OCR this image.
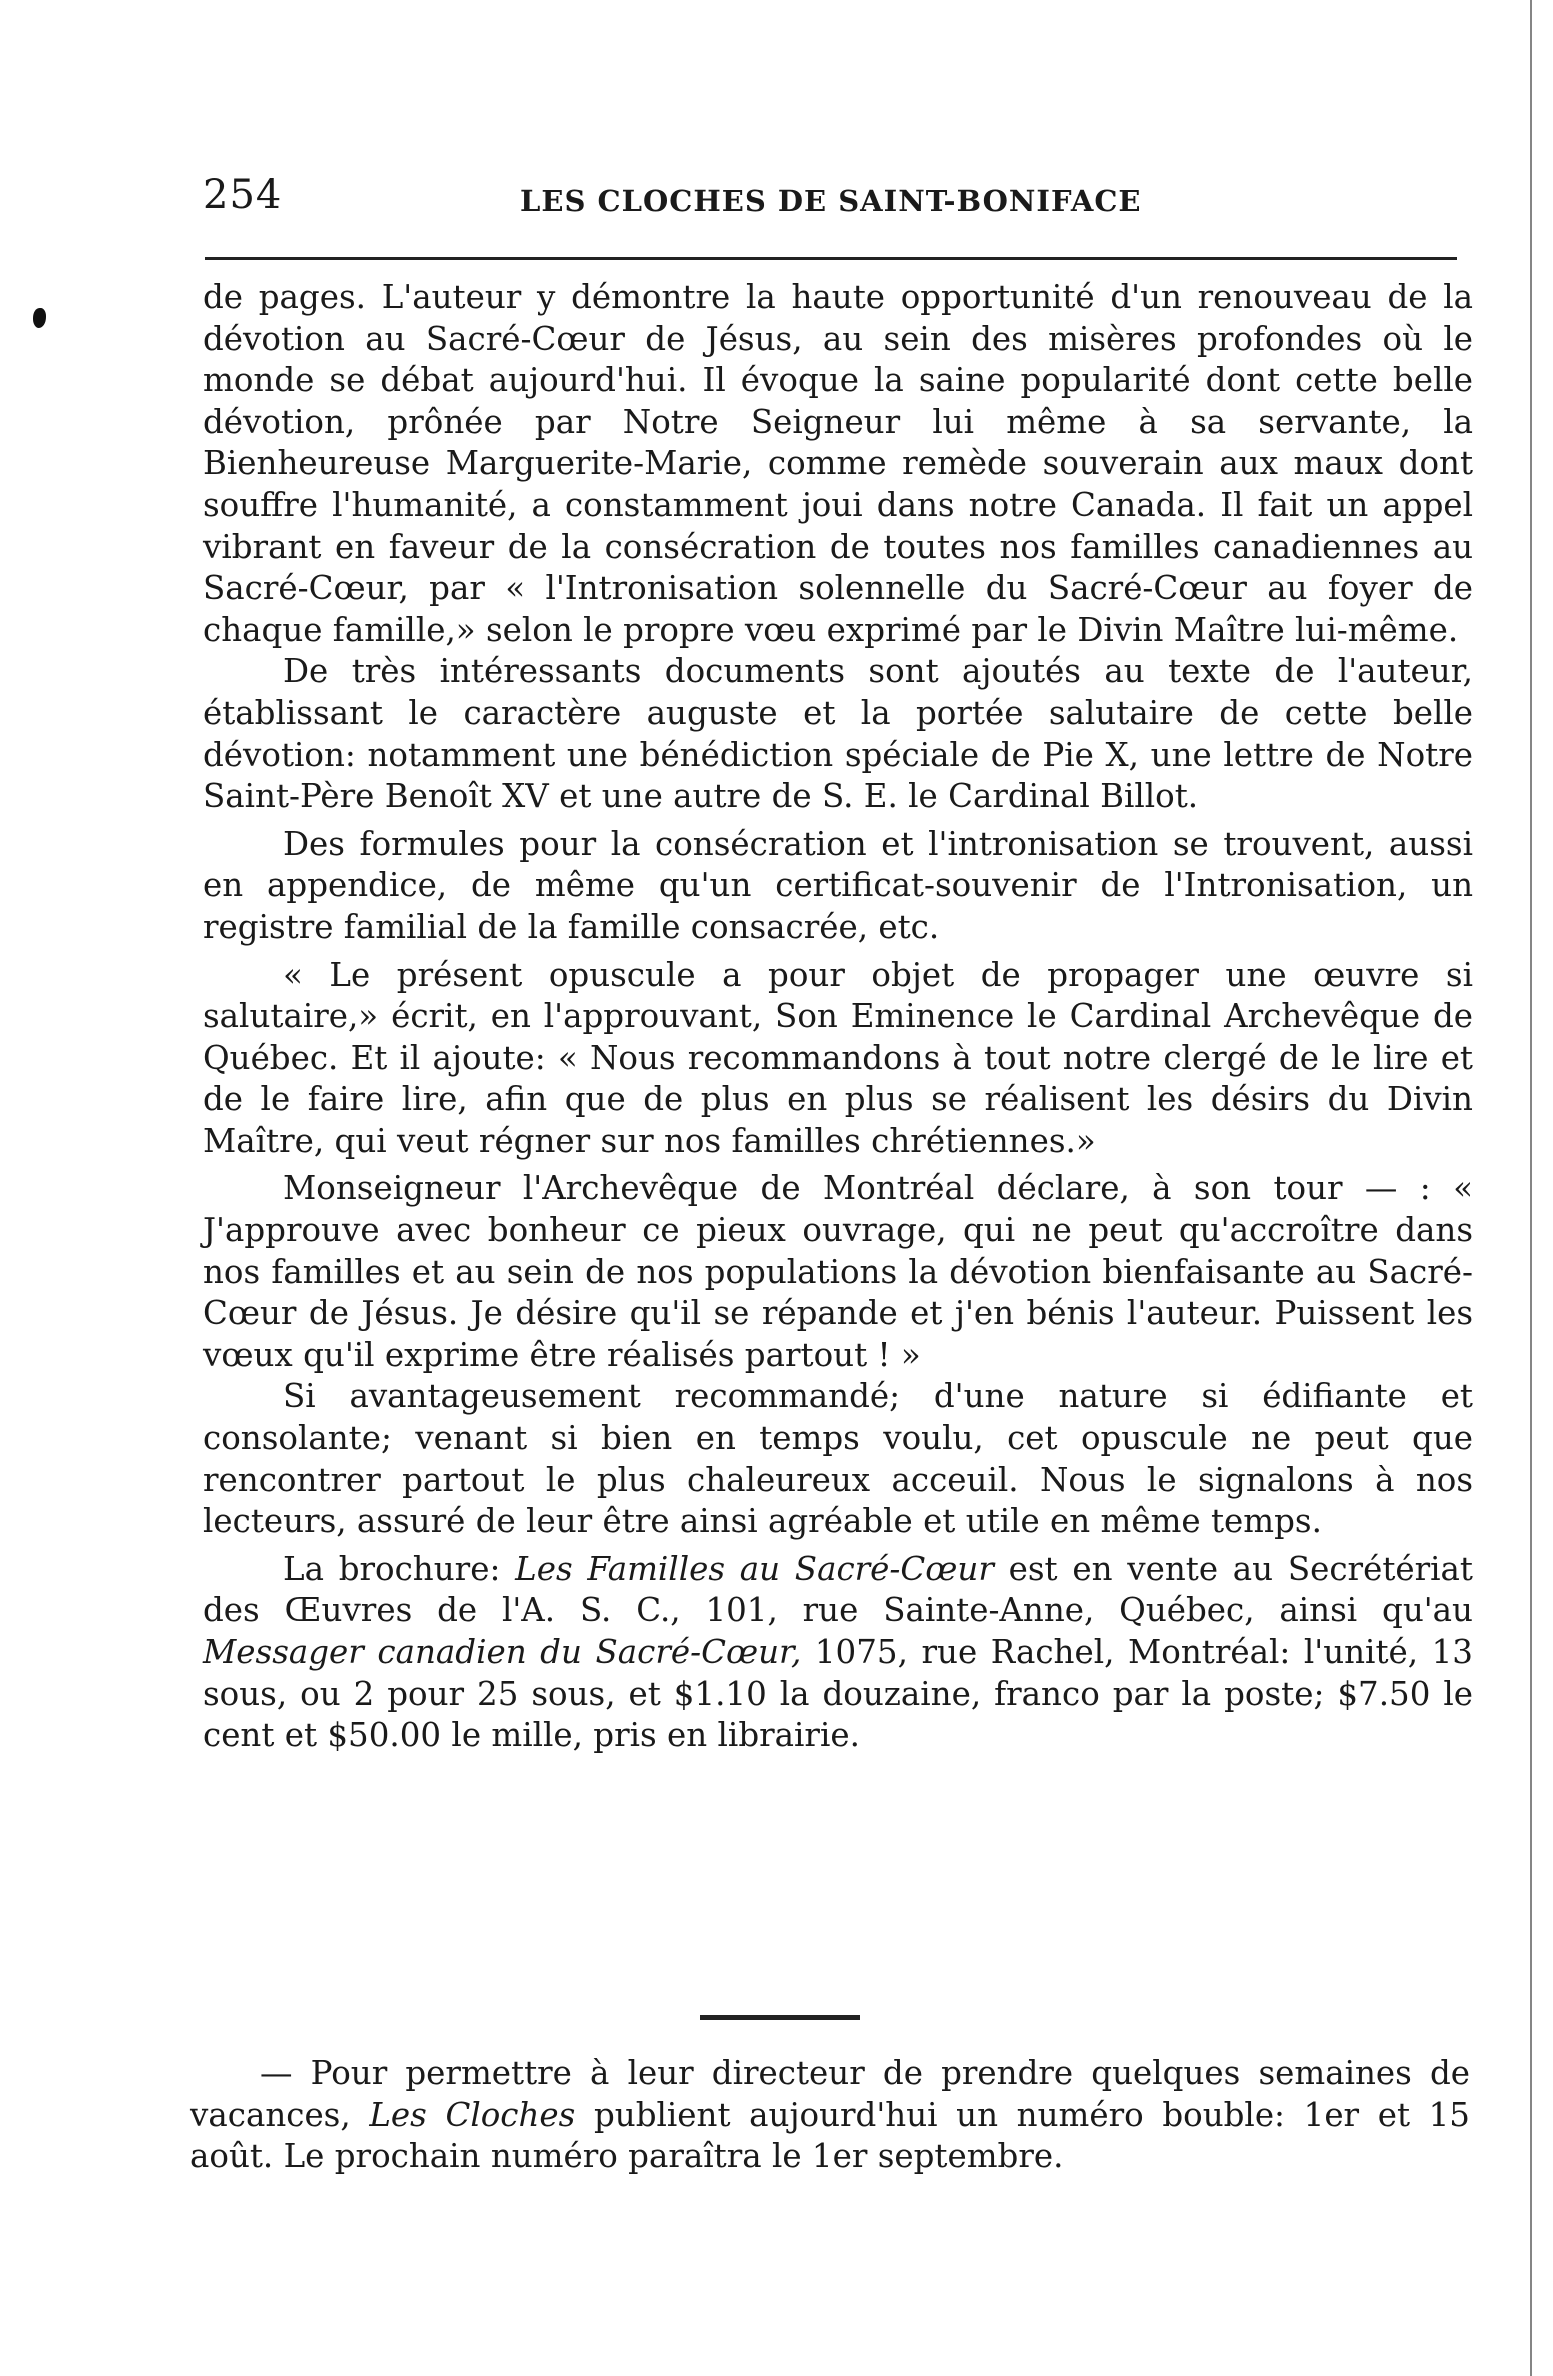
254	LES CLOCHES DE SAINT-BONIFACE

de pages. L'auteur y démontre la haute opportunité d'un renouveau de la dévotion au Sacré-Cœur de Jésus, au sein des misères profondes où le monde se débat aujourd'hui. Il évoque la saine popularité dont cette belle dévotion, prônée par Notre Seigneur lui même à sa servante, la Bienheureuse Marguerite-Marie, comme remède souverain aux maux dont souffre l'humanité, a constamment joui dans notre Canada. Il fait un appel vibrant en faveur de la consécration de toutes nos familles canadiennes au Sacré-Cœur, par « l'Intronisation solennelle du Sacré-Cœur au foyer de chaque famille,» selon le propre vœu exprimé par le Divin Maître lui-même.

De très intéressants documents sont ajoutés au texte de l'auteur, établissant le caractère auguste et la portée salutaire de cette belle dévotion: notamment une bénédiction spéciale de Pie X, une lettre de Notre Saint-Père Benoît XV et une autre de S. E. le Cardinal Billot.

Des formules pour la consécration et l'intronisation se trouvent, aussi en appendice, de même qu'un certificat-souvenir de l'Intronisation, un registre familial de la famille consacrée, etc.

« Le présent opuscule a pour objet de propager une œuvre si salutaire,» écrit, en l'approuvant, Son Eminence le Cardinal Archevêque de Québec. Et il ajoute: « Nous recommandons à tout notre clergé de le lire et de le faire lire, afin que de plus en plus se réalisent les désirs du Divin Maître, qui veut régner sur nos familles chrétiennes.»

Monseigneur l'Archevêque de Montréal déclare, à son tour — : « J'approuve avec bonheur ce pieux ouvrage, qui ne peut qu'accroître dans nos familles et au sein de nos populations la dévotion bienfaisante au Sacré-Cœur de Jésus. Je désire qu'il se répande et j'en bénis l'auteur. Puissent les vœux qu'il exprime être réalisés partout ! »

Si avantageusement recommandé; d'une nature si édifiante et consolante; venant si bien en temps voulu, cet opuscule ne peut que rencontrer partout le plus chaleureux acceuil. Nous le signalons à nos lecteurs, assuré de leur être ainsi agréable et utile en même temps.

La brochure: Les Familles au Sacré-Cœur est en vente au Secrétériat des Œuvres de l'A. S. C., 101, rue Sainte-Anne, Québec, ainsi qu'au Messager canadien du Sacré-Cœur, 1075, rue Rachel, Montréal: l'unité, 13 sous, ou 2 pour 25 sous, et $1.10 la douzaine, franco par la poste; $7.50 le cent et $50.00 le mille, pris en librairie.

— Pour permettre à leur directeur de prendre quelques semaines de vacances, Les Cloches publient aujourd'hui un numéro bouble: 1er et 15 août. Le prochain numéro paraîtra le 1er septembre.
